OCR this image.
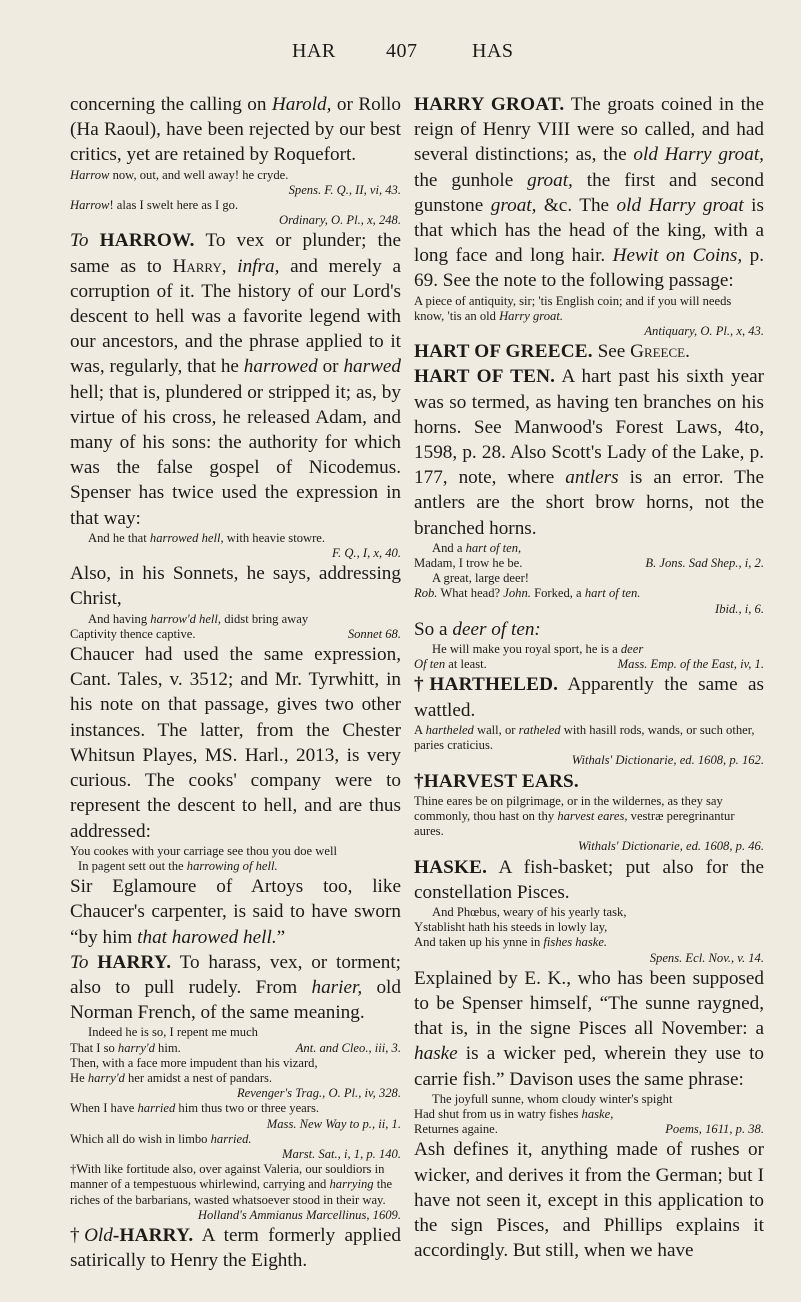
HAR	407	HAS

concerning the calling on Harold, or Rollo (Ha Raoul), have been rejected by our best critics, yet are retained by Roquefort.

Harrow now, out, and well away! he cryde.

Spens. F. Q., II, vi, 43.

Harrow! alas I swelt here as I go.

Ordinary, O. Pl., x, 248.

To HARROW. To vex or plunder; the same as to Harry, infra, and merely a corruption of it. The history of our Lord's descent to hell was a favorite legend with our ancestors, and the phrase applied to it was, regularly, that he harrowed or harwed hell; that is, plundered or stripped it; as, by virtue of his cross, he released Adam, and many of his sons: the authority for which was the false gospel of Nicodemus. Spenser has twice used the expression in that way:

And he that harrowed hell, with heavie stowre.

F. Q., I, x, 40.

Also, in his Sonnets, he says, addressing Christ,

And having harrow'd hell, didst bring away
Captivity thence captive.	Sonnet 68.

Chaucer had used the same expression, Cant. Tales, v. 3512; and Mr. Tyrwhitt, in his note on that passage, gives two other instances. The latter, from the Chester Whitsun Playes, MS. Harl., 2013, is very curious. The cooks' company were to represent the descent to hell, and are thus addressed:

You cookes with your carriage see thou you doe well
In pagent sett out the harrowing of hell.

Sir Eglamoure of Artoys too, like Chaucer's carpenter, is said to have sworn “by him that harowed hell.”

To HARRY. To harass, vex, or torment; also to pull rudely. From harier, old Norman French, of the same meaning.

Indeed he is so, I repent me much
That I so harry'd him.	Ant. and Cleo., iii, 3.

Then, with a face more impudent than his vizard,
He harry'd her amidst a nest of pandars.

Revenger's Trag., O. Pl., iv, 328.

When I have harried him thus two or three years.

Mass. New Way to p., ii, 1.

Which all do wish in limbo harried.

Marst. Sat., i, 1, p. 140.

†With like fortitude also, over against Valeria, our souldiors in manner of a tempestuous whirlewind, carrying and harrying the riches of the barbarians, wasted whatsoever stood in their way.

Holland's Ammianus Marcellinus, 1609.

†Old-HARRY. A term formerly applied satirically to Henry the Eighth.

HARRY GROAT. The groats coined in the reign of Henry VIII were so called, and had several distinctions; as, the old Harry groat, the gunhole groat, the first and second gunstone groat, &c. The old Harry groat is that which has the head of the king, with a long face and long hair. Hewit on Coins, p. 69. See the note to the following passage:

A piece of antiquity, sir; 'tis English coin; and if you will needs know, 'tis an old Harry groat.

Antiquary, O. Pl., x, 43.

HART OF GREECE. See Greece.

HART OF TEN. A hart past his sixth year was so termed, as having ten branches on his horns. See Manwood's Forest Laws, 4to, 1598, p. 28. Also Scott's Lady of the Lake, p. 177, note, where antlers is an error. The antlers are the short brow horns, not the branched horns.

And a hart of ten,
Madam, I trow he be.	B. Jons. Sad Shep., i, 2.

A great, large deer!
Rob. What head? John. Forked, a hart of ten.

Ibid., i, 6.

So a deer of ten:

He will make you royal sport, he is a deer
Of ten at least.	Mass. Emp. of the East, iv, 1.

†HARTHELED. Apparently the same as wattled.

A hartheled wall, or ratheled with hasill rods, wands, or such other, paries craticius.

Withals' Dictionarie, ed. 1608, p. 162.

†HARVEST EARS.

Thine eares be on pilgrimage, or in the wildernes, as they say commonly, thou hast on thy harvest eares, vestræ peregrinantur aures.

Withals' Dictionarie, ed. 1608, p. 46.

HASKE. A fish-basket; put also for the constellation Pisces.

And Phœbus, weary of his yearly task,
Ystablisht hath his steeds in lowly lay,
And taken up his ynne in fishes haske.

Spens. Ecl. Nov., v. 14.

Explained by E. K., who has been supposed to be Spenser himself, “The sunne raygned, that is, in the signe Pisces all November: a haske is a wicker ped, wherein they use to carrie fish.” Davison uses the same phrase:

The joyfull sunne, whom cloudy winter's spight
Had shut from us in watry fishes haske,
Returnes againe.	Poems, 1611, p. 38.

Ash defines it, anything made of rushes or wicker, and derives it from the German; but I have not seen it, except in this application to the sign Pisces, and Phillips explains it accordingly. But still, when we have
